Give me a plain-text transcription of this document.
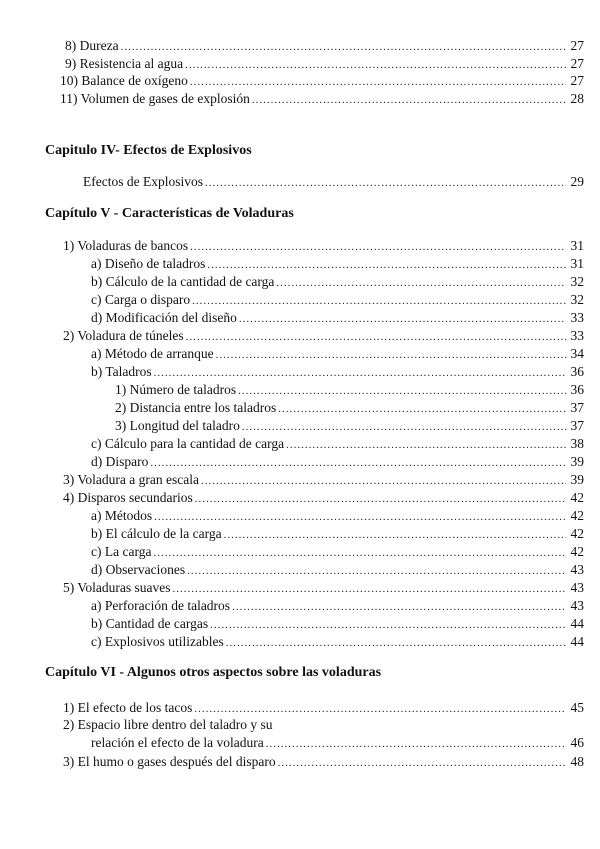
8) Dureza .....	27
9) Resistencia al agua .....	27
10) Balance de oxígeno .....	27
11) Volumen de gases de explosión .....	28
Capitulo IV- Efectos de Explosivos
Efectos de Explosivos .....	29
Capítulo V - Características de Voladuras
1) Voladuras de bancos .....	31
a) Diseño de taladros .....	31
b) Cálculo de la cantidad de carga .....	32
c) Carga o disparo .....	32
d) Modificación del diseño .....	33
2) Voladura de túneles .....	33
a) Método de arranque .....	34
b) Taladros .....	36
1) Número de taladros .....	36
2) Distancia entre los taladros .....	37
3) Longitud del taladro .....	37
c) Cálculo para la cantidad de carga .....	38
d) Disparo .....	39
3) Voladura a gran escala .....	39
4) Disparos secundarios .....	42
a) Métodos .....	42
b) El cálculo de la carga .....	42
c) La carga .....	42
d) Observaciones .....	43
5) Voladuras suaves .....	43
a) Perforación de taladros .....	43
b) Cantidad de cargas .....	44
c) Explosivos utilizables .....	44
Capítulo VI - Algunos otros aspectos sobre las voladuras
1) El efecto de los tacos .....	45
2) Espacio libre dentro del taladro y su
relación el efecto de la voladura .....	46
3) El humo o gases después del disparo .....	48
